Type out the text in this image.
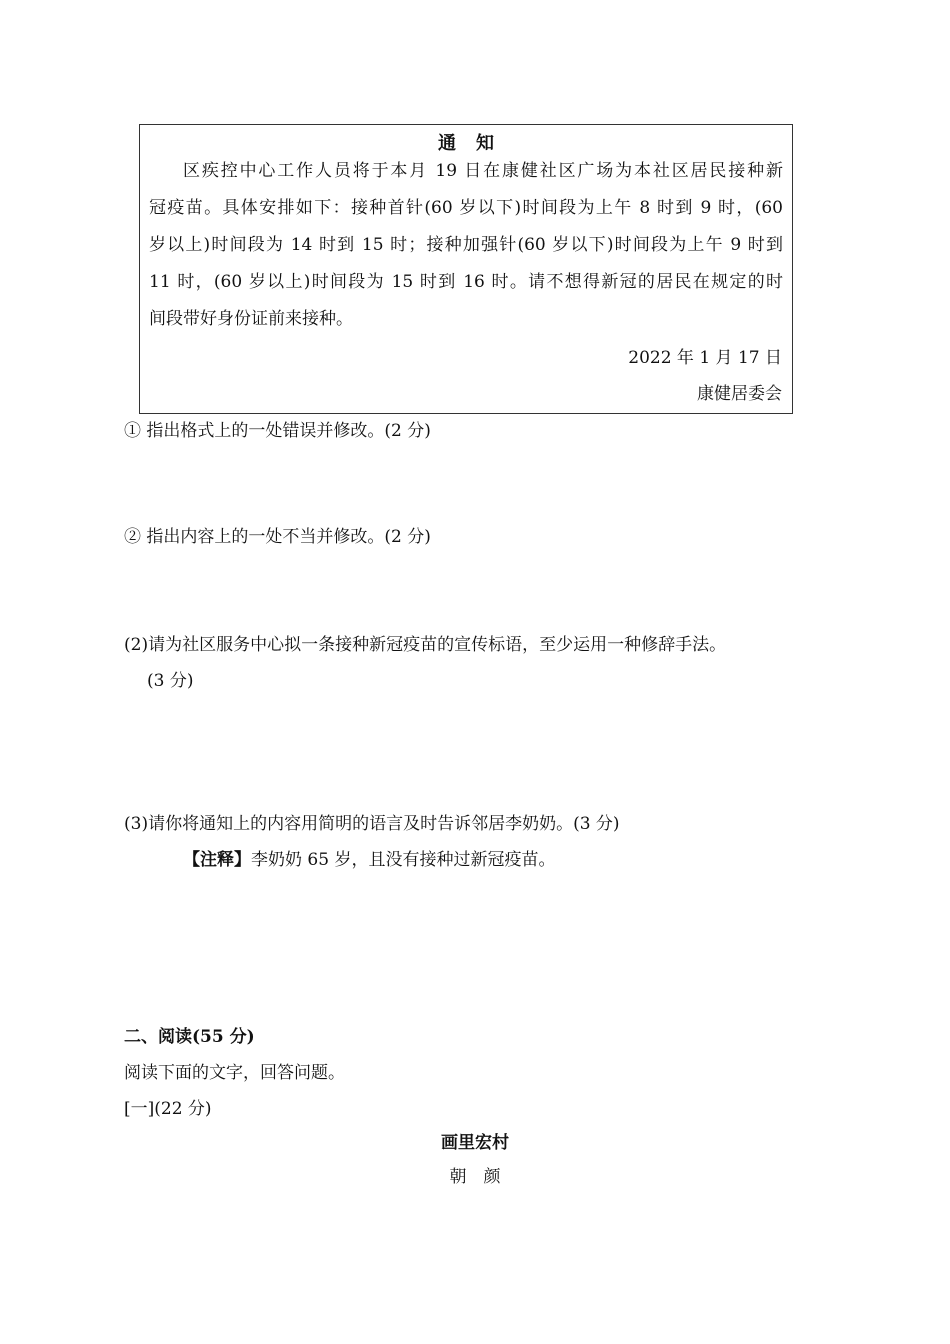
通知
区疾控中心工作人员将于本月 19 日在康健社区广场为本社区居民接种新
冠疫苗。具体安排如下：接种首针(60 岁以下)时间段为上午 8 时到 9 时，(60
岁以上)时间段为 14 时到 15 时；接种加强针(60 岁以下)时间段为上午 9 时到
11 时，(60 岁以上)时间段为 15 时到 16 时。请不想得新冠的居民在规定的时
间段带好身份证前来接种。
2022 年 1 月 17 日
康健居委会
① 指出格式上的一处错误并修改。(2 分)
② 指出内容上的一处不当并修改。(2 分)
(2)请为社区服务中心拟一条接种新冠疫苗的宣传标语，至少运用一种修辞手法。
(3 分)
(3)请你将通知上的内容用简明的语言及时告诉邻居李奶奶。(3 分)
【注释】李奶奶 65 岁，且没有接种过新冠疫苗。
二、阅读(55 分)
阅读下面的文字，回答问题。
[一](22 分)
画里宏村
朝　颜
